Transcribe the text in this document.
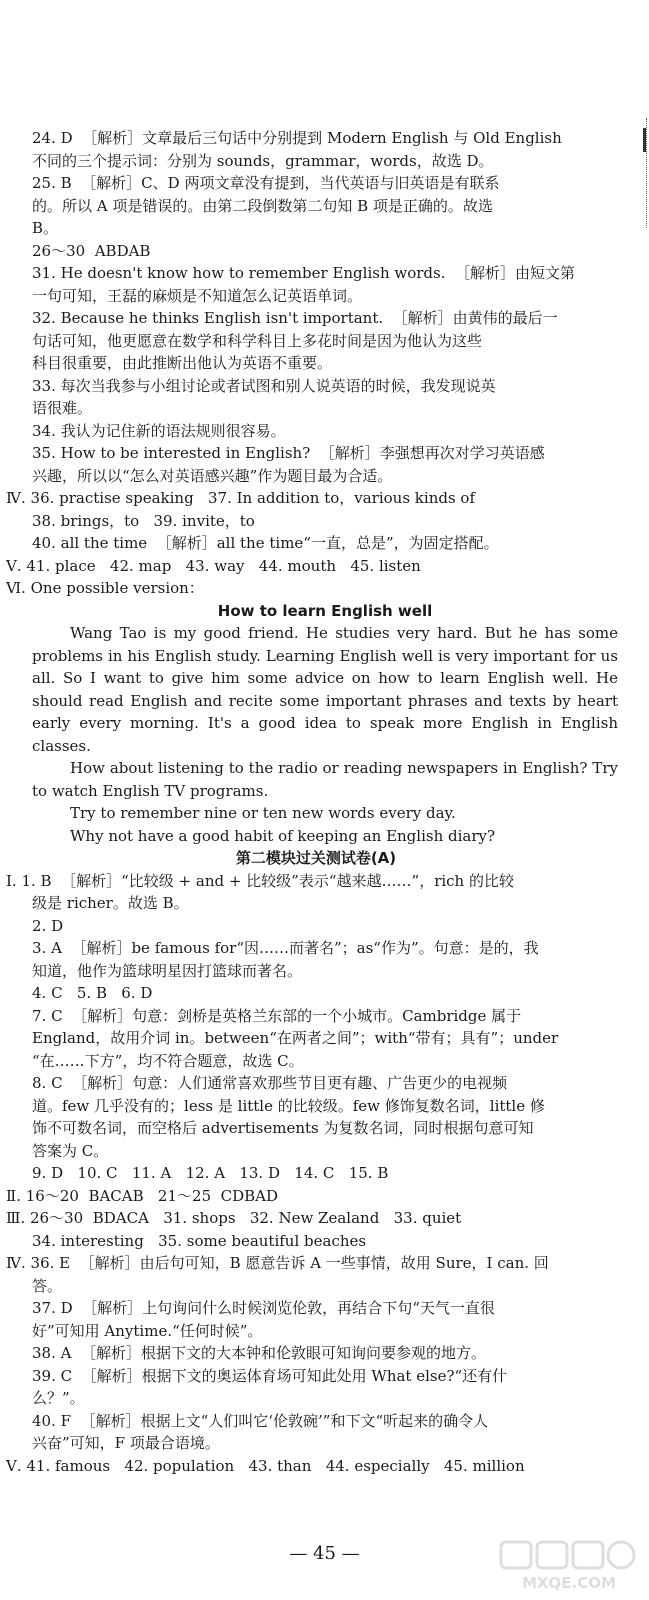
24. D  ［解析］文章最后三句话中分别提到 Modern English 与 Old English
不同的三个提示词：分别为 sounds，grammar，words，故选 D。
25. B  ［解析］C、D 两项文章没有提到，当代英语与旧英语是有联系
的。所以 A 项是错误的。由第二段倒数第二句知 B 项是正确的。故选
B。
26～30  ABDAB
31. He doesn't know how to remember English words.  ［解析］由短文第
一句可知，王磊的麻烦是不知道怎么记英语单词。
32. Because he thinks English isn't important.  ［解析］由黄伟的最后一
句话可知，他更愿意在数学和科学科目上多花时间是因为他认为这些
科目很重要，由此推断出他认为英语不重要。
33. 每次当我参与小组讨论或者试图和别人说英语的时候，我发现说英
语很难。
34. 我认为记住新的语法规则很容易。
35. How to be interested in English?  ［解析］李强想再次对学习英语感
兴趣，所以以“怎么对英语感兴趣”作为题目最为合适。
Ⅳ. 36. practise speaking   37. In addition to，various kinds of
38. brings，to   39. invite，to
40. all the time  ［解析］all the time“一直，总是”，为固定搭配。
Ⅴ. 41. place   42. map   43. way   44. mouth   45. listen
Ⅵ. One possible version：
How to learn English well
Wang Tao is my good friend. He studies very hard. But he has some problems in his English study. Learning English well is very important for us all. So I want to give him some advice on how to learn English well. He should read English and recite some important phrases and texts by heart early every morning. It's a good idea to speak more English in English classes.
How about listening to the radio or reading newspapers in English? Try to watch English TV programs.
Try to remember nine or ten new words every day.
Why not have a good habit of keeping an English diary?
第二模块过关测试卷(A)
Ⅰ. 1. B  ［解析］“比较级 + and + 比较级”表示“越来越……”，rich 的比较
级是 richer。故选 B。
2. D
3. A  ［解析］be famous for“因……而著名”；as“作为”。句意：是的，我
知道，他作为篮球明星因打篮球而著名。
4. C   5. B   6. D
7. C  ［解析］句意：剑桥是英格兰东部的一个小城市。Cambridge 属于
England，故用介词 in。between“在两者之间”；with“带有；具有”；under
“在……下方”，均不符合题意，故选 C。
8. C  ［解析］句意：人们通常喜欢那些节目更有趣、广告更少的电视频
道。few 几乎没有的；less 是 little 的比较级。few 修饰复数名词，little 修
饰不可数名词，而空格后 advertisements 为复数名词，同时根据句意可知
答案为 C。
9. D   10. C   11. A   12. A   13. D   14. C   15. B
Ⅱ. 16～20  BACAB   21～25  CDBAD
Ⅲ. 26～30  BDACA   31. shops   32. New Zealand   33. quiet
34. interesting   35. some beautiful beaches
Ⅳ. 36. E  ［解析］由后句可知，B 愿意告诉 A 一些事情，故用 Sure，I can. 回
答。
37. D  ［解析］上句询问什么时候浏览伦敦，再结合下句“天气一直很
好”可知用 Anytime.“任何时候”。
38. A  ［解析］根据下文的大本钟和伦敦眼可知询问要参观的地方。
39. C  ［解析］根据下文的奥运体育场可知此处用 What else?“还有什
么？”。
40. F  ［解析］根据上文“人们叫它‘伦敦碗’”和下文“听起来的确令人
兴奋”可知，F 项最合语境。
Ⅴ. 41. famous   42. population   43. than   44. especially   45. million
— 45 —
MXQE.COM
